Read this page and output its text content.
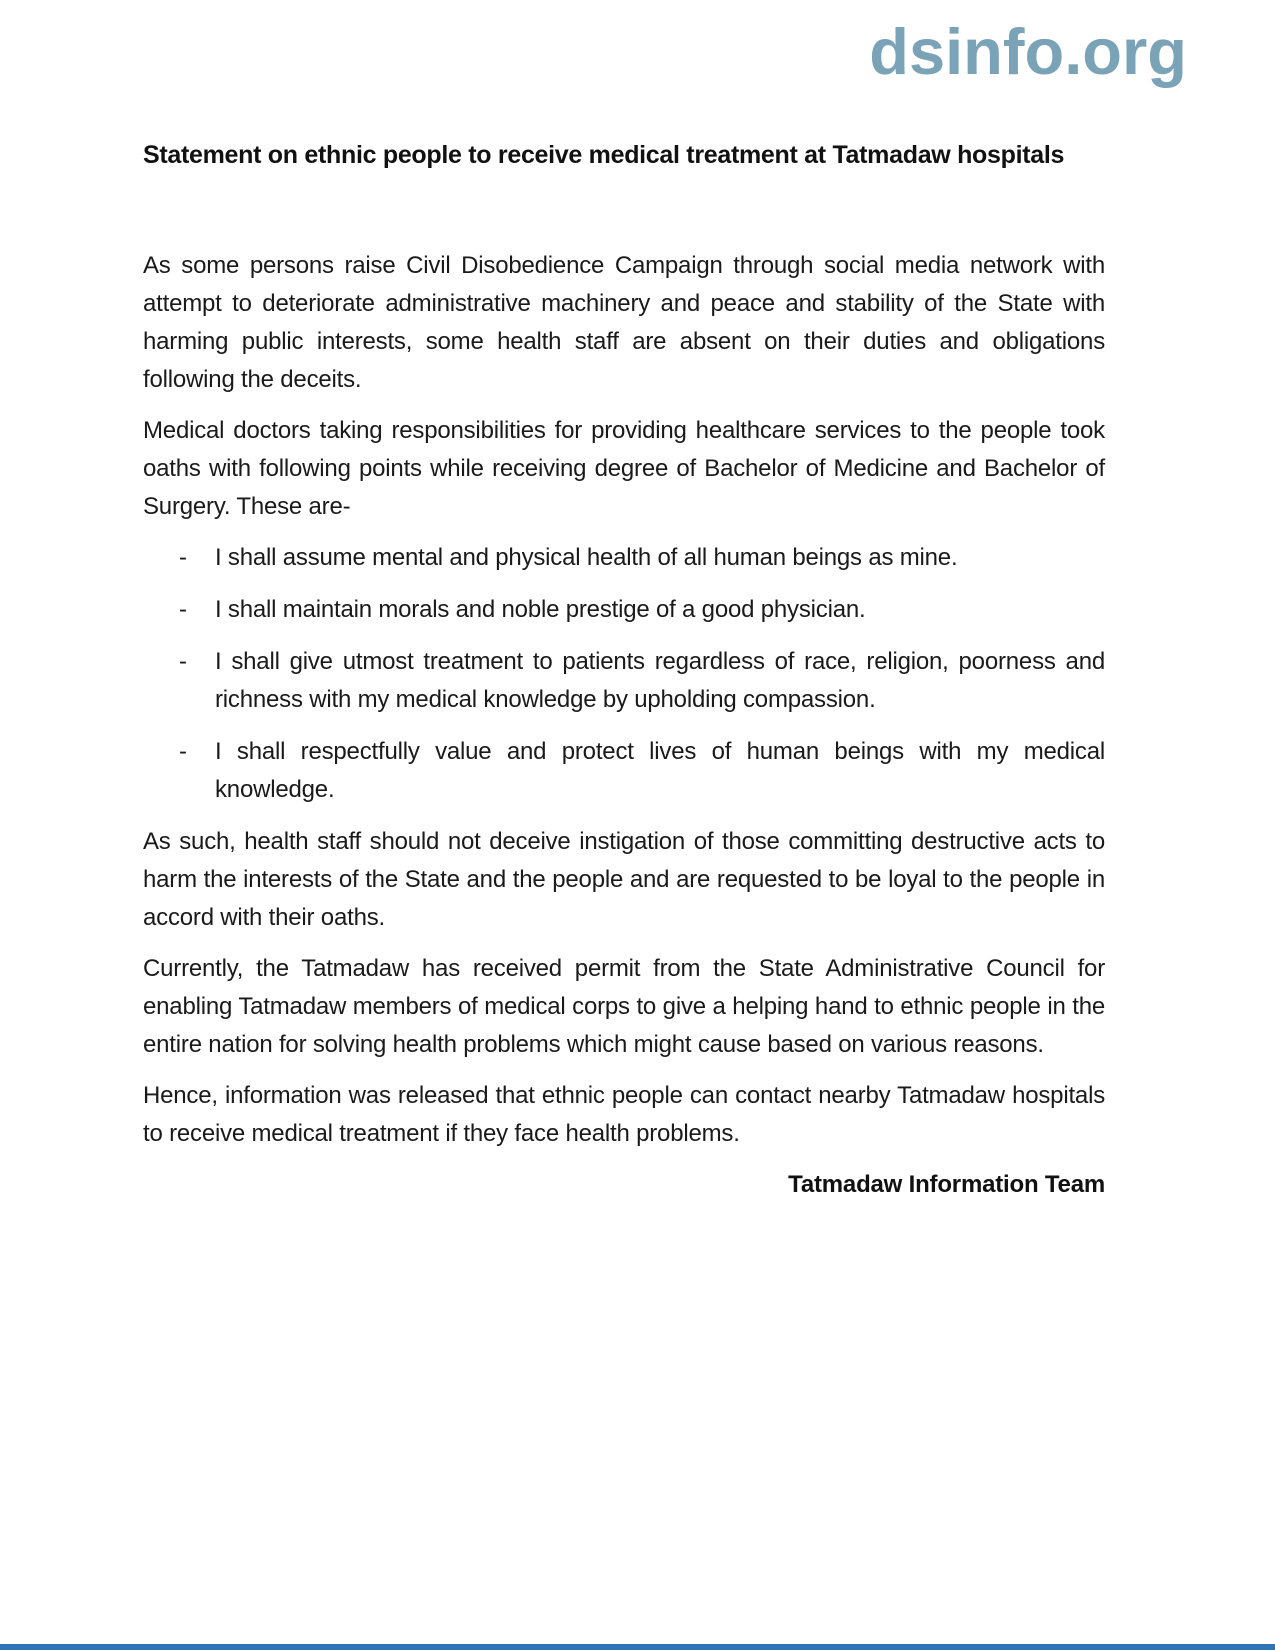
dsinfo.org
Statement on ethnic people to receive medical treatment at Tatmadaw hospitals

As some persons raise Civil Disobedience Campaign through social media network with attempt to deteriorate administrative machinery and peace and stability of the State with harming public interests, some health staff are absent on their duties and obligations following the deceits.

Medical doctors taking responsibilities for providing healthcare services to the people took oaths with following points while receiving degree of Bachelor of Medicine and Bachelor of Surgery. These are-

- I shall assume mental and physical health of all human beings as mine.
- I shall maintain morals and noble prestige of a good physician.
- I shall give utmost treatment to patients regardless of race, religion, poorness and richness with my medical knowledge by upholding compassion.
- I shall respectfully value and protect lives of human beings with my medical knowledge.

As such, health staff should not deceive instigation of those committing destructive acts to harm the interests of the State and the people and are requested to be loyal to the people in accord with their oaths.

Currently, the Tatmadaw has received permit from the State Administrative Council for enabling Tatmadaw members of medical corps to give a helping hand to ethnic people in the entire nation for solving health problems which might cause based on various reasons.

Hence, information was released that ethnic people can contact nearby Tatmadaw hospitals to receive medical treatment if they face health problems.

Tatmadaw Information Team
